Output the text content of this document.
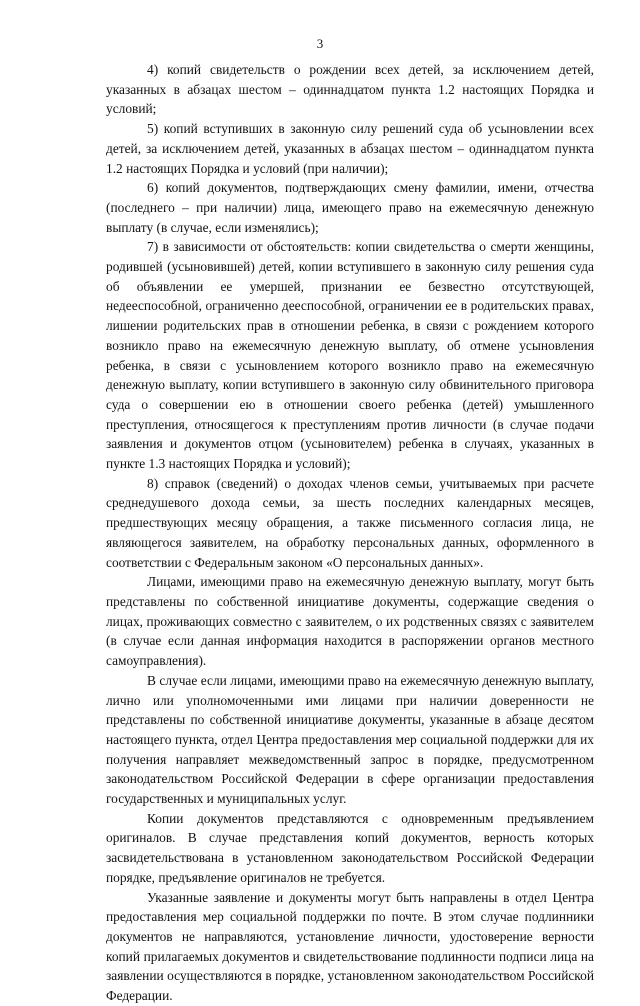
3

4) копий свидетельств о рождении всех детей, за исключением детей, указанных в абзацах шестом – одиннадцатом пункта 1.2 настоящих Порядка и условий;

5) копий вступивших в законную силу решений суда об усыновлении всех детей, за исключением детей, указанных в абзацах шестом – одиннадцатом пункта 1.2 настоящих Порядка и условий (при наличии);

6) копий документов, подтверждающих смену фамилии, имени, отчества (последнего – при наличии) лица, имеющего право на ежемесячную денежную выплату (в случае, если изменялись);

7) в зависимости от обстоятельств: копии свидетельства о смерти женщины, родившей (усыновившей) детей, копии вступившего в законную силу решения суда об объявлении ее умершей, признании ее безвестно отсутствующей, недееспособной, ограниченно дееспособной, ограничении ее в родительских правах, лишении родительских прав в отношении ребенка, в связи с рождением которого возникло право на ежемесячную денежную выплату, об отмене усыновления ребенка, в связи с усыновлением которого возникло право на ежемесячную денежную выплату, копии вступившего в законную силу обвинительного приговора суда о совершении ею в отношении своего ребенка (детей) умышленного преступления, относящегося к преступлениям против личности (в случае подачи заявления и документов отцом (усыновителем) ребенка в случаях, указанных в пункте 1.3 настоящих Порядка и условий);

8) справок (сведений) о доходах членов семьи, учитываемых при расчете среднедушевого дохода семьи, за шесть последних календарных месяцев, предшествующих месяцу обращения, а также письменного согласия лица, не являющегося заявителем, на обработку персональных данных, оформленного в соответствии с Федеральным законом «О персональных данных».

Лицами, имеющими право на ежемесячную денежную выплату, могут быть представлены по собственной инициативе документы, содержащие сведения о лицах, проживающих совместно с заявителем, о их родственных связях с заявителем (в случае если данная информация находится в распоряжении органов местного самоуправления).

В случае если лицами, имеющими право на ежемесячную денежную выплату, лично или уполномоченными ими лицами при наличии доверенности не представлены по собственной инициативе документы, указанные в абзаце десятом настоящего пункта, отдел Центра предоставления мер социальной поддержки для их получения направляет межведомственный запрос в порядке, предусмотренном законодательством Российской Федерации в сфере организации предоставления государственных и муниципальных услуг.

Копии документов представляются с одновременным предъявлением оригиналов. В случае представления копий документов, верность которых засвидетельствована в установленном законодательством Российской Федерации порядке, предъявление оригиналов не требуется.

Указанные заявление и документы могут быть направлены в отдел Центра предоставления мер социальной поддержки по почте. В этом случае подлинники документов не направляются, установление личности, удостоверение верности копий прилагаемых документов и свидетельствование подлинности подписи лица на заявлении осуществляются в порядке, установленном законодательством Российской Федерации.
